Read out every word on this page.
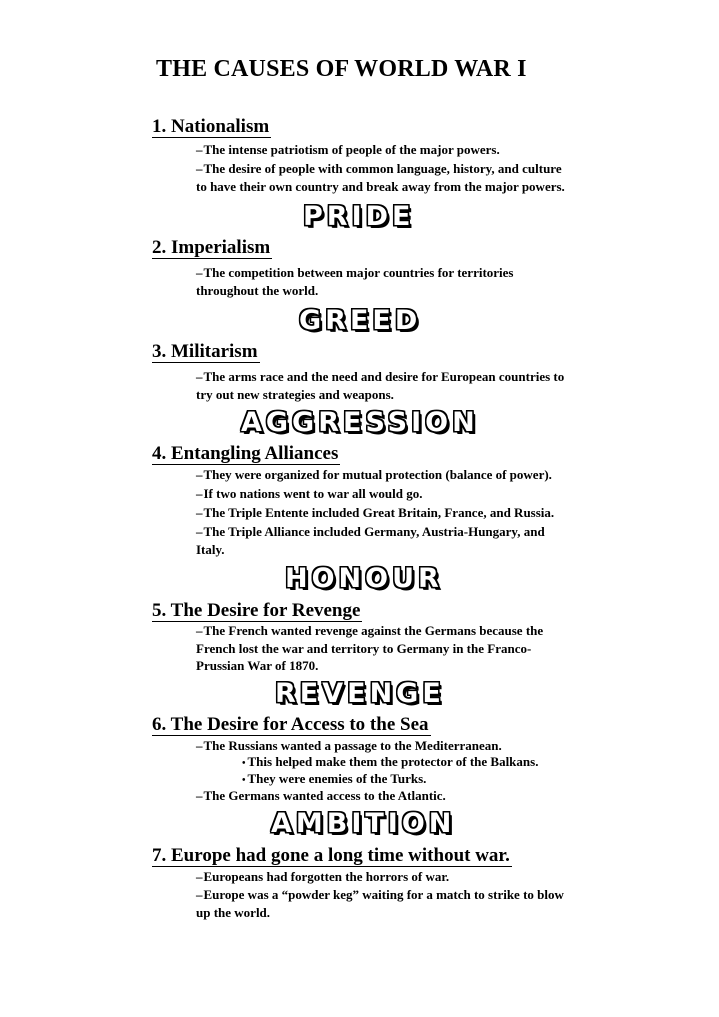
THE CAUSES OF WORLD WAR I
1. Nationalism
–The intense patriotism of people of the major powers.
–The desire of people with common language, history, and culture
to have their own country and break away from the major powers.
PRIDE
2. Imperialism
–The competition between major countries for territories
throughout the world.
GREED
3. Militarism
–The arms race and the need and desire for European countries to
try out new strategies and weapons.
AGGRESSION
4. Entangling Alliances
–They were organized for mutual protection (balance of power).
–If two nations went to war all would go.
–The Triple Entente included Great Britain, France, and Russia.
–The Triple Alliance included Germany, Austria-Hungary, and
Italy.
HONOUR
5. The Desire for Revenge
–The French wanted revenge against the Germans because the
French lost the war and territory to Germany in the Franco-
Prussian War of 1870.
REVENGE
6. The Desire for Access to the Sea
–The Russians wanted a passage to the Mediterranean.
• This helped make them the protector of the Balkans.
• They were enemies of the Turks.
–The Germans wanted access to the Atlantic.
AMBITION
7. Europe had gone a long time without war.
–Europeans had forgotten the horrors of war.
–Europe was a “powder keg” waiting for a match to strike to blow
up the world.
